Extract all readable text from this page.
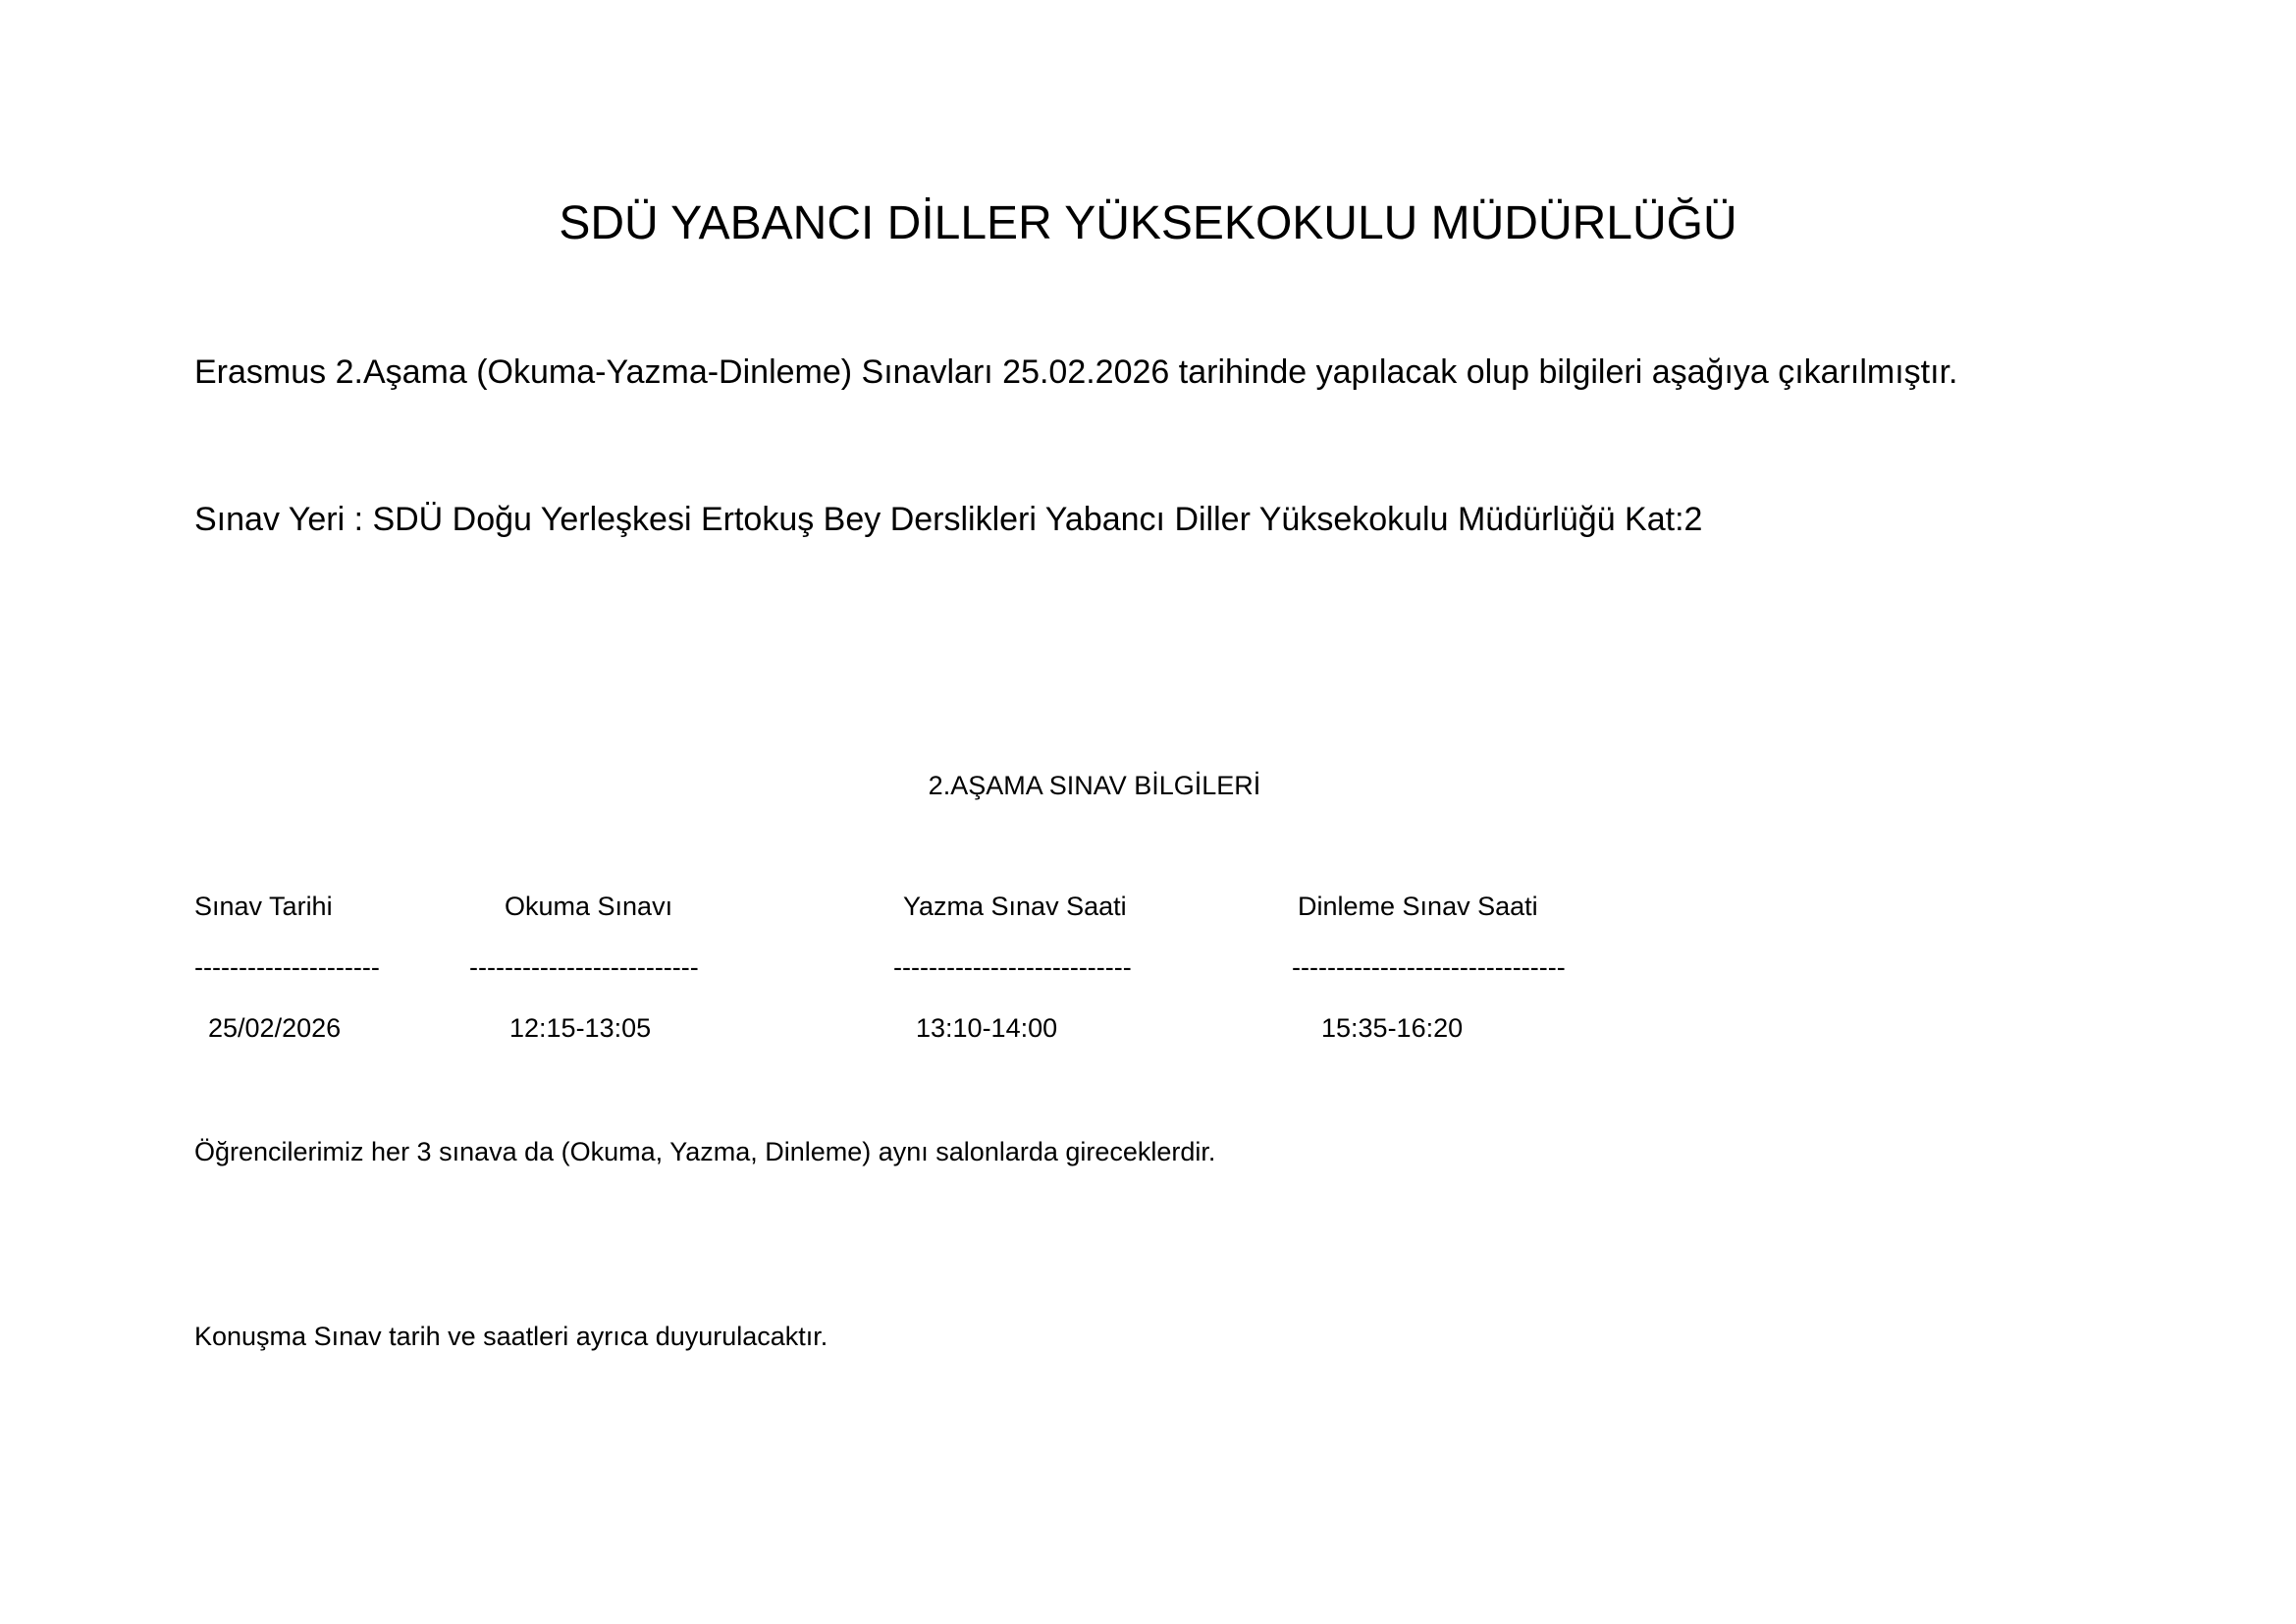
SDÜ YABANCI DİLLER YÜKSEKOKULU MÜDÜRLÜĞÜ
Erasmus 2.Aşama (Okuma-Yazma-Dinleme) Sınavları 25.02.2026 tarihinde yapılacak olup bilgileri aşağıya çıkarılmıştır.
Sınav Yeri : SDÜ Doğu Yerleşkesi Ertokuş Bey Derslikleri Yabancı Diller Yüksekokulu Müdürlüğü Kat:2
2.AŞAMA SINAV BİLGİLERİ
Sınav Tarihi	Okuma Sınavı	Yazma Sınav Saati	Dinleme Sınav Saati
---------------------	--------------------------	---------------------------	-------------------------------
25/02/2026	12:15-13:05	13:10-14:00	15:35-16:20
Öğrencilerimiz her 3 sınava da (Okuma, Yazma, Dinleme) aynı salonlarda gireceklerdir.
Konuşma Sınav tarih ve saatleri ayrıca duyurulacaktır.
